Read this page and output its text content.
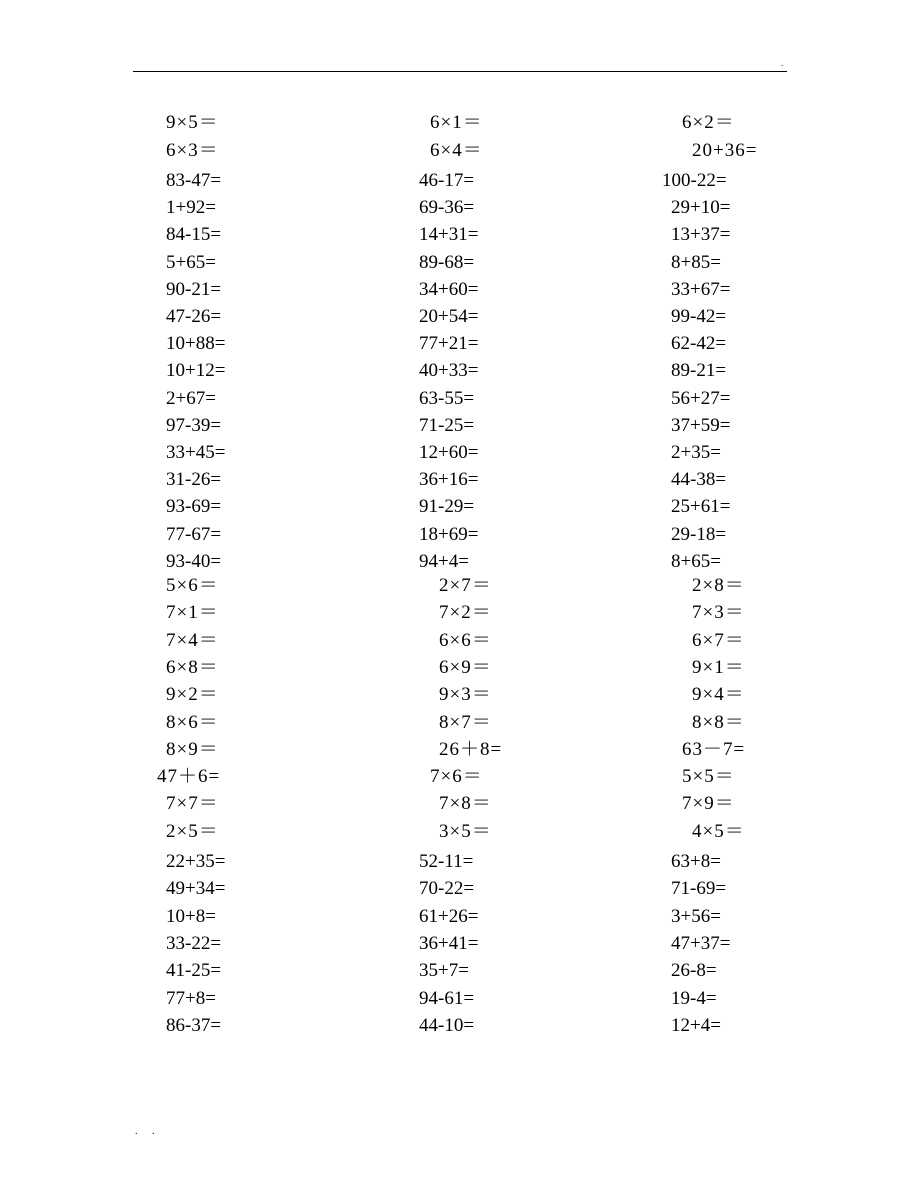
.
9×5＝	6×1＝	6×2＝
6×3＝	6×4＝	20+36=
83-47=	46-17=	100-22=
1+92=	69-36=	29+10=
84-15=	14+31=	13+37=
5+65=	89-68=	8+85=
90-21=	34+60=	33+67=
47-26=	20+54=	99-42=
10+88=	77+21=	62-42=
10+12=	40+33=	89-21=
2+67=	63-55=	56+27=
97-39=	71-25=	37+59=
33+45=	12+60=	2+35=
31-26=	36+16=	44-38=
93-69=	91-29=	25+61=
77-67=	18+69=	29-18=
93-40=	94+4=	8+65=
5×6＝	2×7＝	2×8＝
7×1＝	7×2＝	7×3＝
7×4＝	6×6＝	6×7＝
6×8＝	6×9＝	9×1＝
9×2＝	9×3＝	9×4＝
8×6＝	8×7＝	8×8＝
8×9＝	26＋8=	63－7=
47＋6=	7×6＝	5×5＝
7×7＝	7×8＝	7×9＝
2×5＝	3×5＝	4×5＝
22+35=	52-11=	63+8=
49+34=	70-22=	71-69=
10+8=	61+26=	3+56=
33-22=	36+41=	47+37=
41-25=	35+7=	26-8=
77+8=	94-61=	19-4=
86-37=	44-10=	12+4=
. .
